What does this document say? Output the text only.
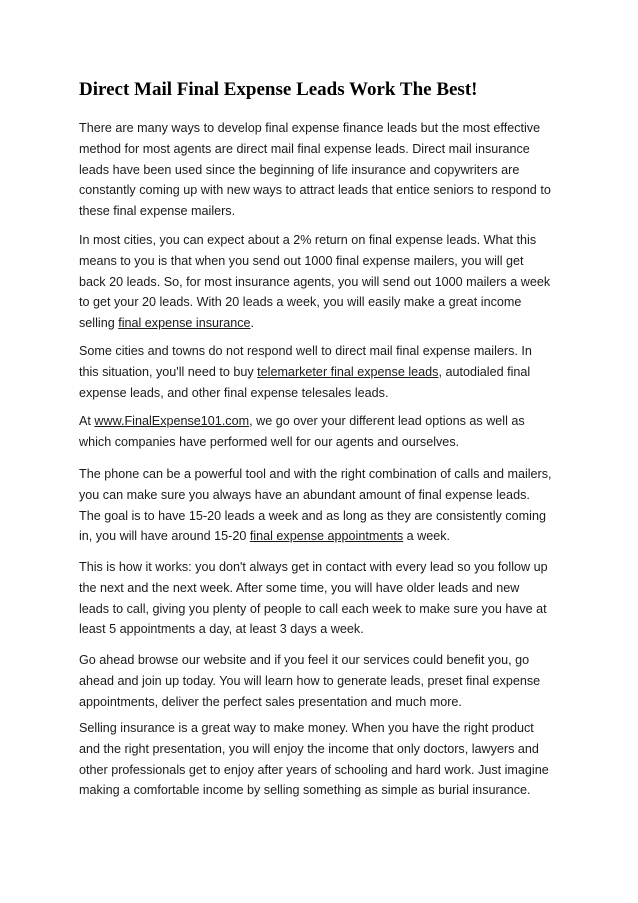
Direct Mail Final Expense Leads Work The Best!

There are many ways to develop final expense finance leads but the most effective
method for most agents are direct mail final expense leads. Direct mail insurance
leads have been used since the beginning of life insurance and copywriters are
constantly coming up with new ways to attract leads that entice seniors to respond to
these final expense mailers.

In most cities, you can expect about a 2% return on final expense leads. What this
means to you is that when you send out 1000 final expense mailers, you will get
back 20 leads. So, for most insurance agents, you will send out 1000 mailers a week
to get your 20 leads. With 20 leads a week, you will easily make a great income
selling final expense insurance.

Some cities and towns do not respond well to direct mail final expense mailers. In
this situation, you'll need to buy telemarketer final expense leads, autodialed final
expense leads, and other final expense telesales leads.

At www.FinalExpense101.com, we go over your different lead options as well as
which companies have performed well for our agents and ourselves.

The phone can be a powerful tool and with the right combination of calls and mailers,
you can make sure you always have an abundant amount of final expense leads.
The goal is to have 15-20 leads a week and as long as they are consistently coming
in, you will have around 15-20 final expense appointments a week.

This is how it works: you don't always get in contact with every lead so you follow up
the next and the next week. After some time, you will have older leads and new
leads to call, giving you plenty of people to call each week to make sure you have at
least 5 appointments a day, at least 3 days a week.

Go ahead browse our website and if you feel it our services could benefit you, go
ahead and join up today. You will learn how to generate leads, preset final expense
appointments, deliver the perfect sales presentation and much more.

Selling insurance is a great way to make money. When you have the right product
and the right presentation, you will enjoy the income that only doctors, lawyers and
other professionals get to enjoy after years of schooling and hard work. Just imagine
making a comfortable income by selling something as simple as burial insurance.
